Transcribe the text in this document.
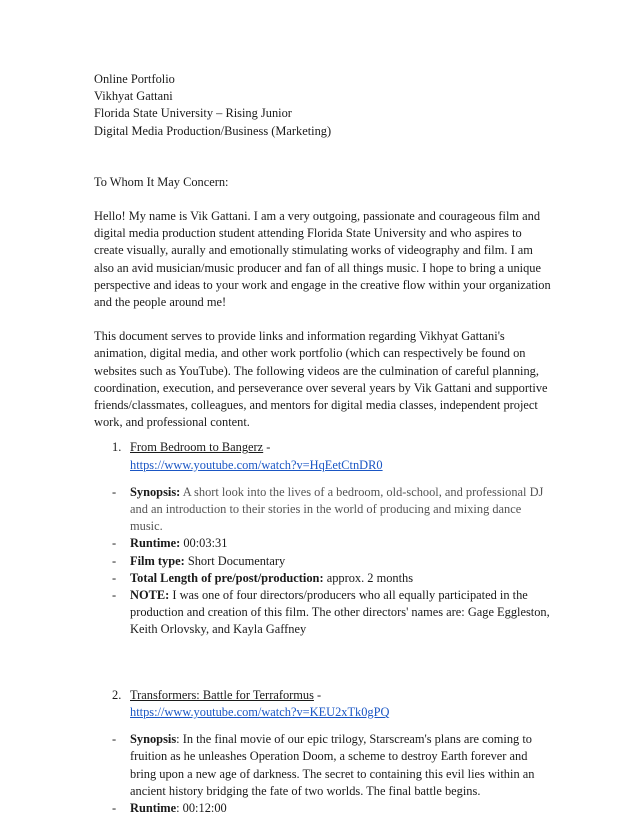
Online Portfolio

Vikhyat Gattani

Florida State University – Rising Junior

Digital Media Production/Business (Marketing)

To Whom It May Concern:

Hello! My name is Vik Gattani. I am a very outgoing, passionate and courageous film and digital media production student attending Florida State University and who aspires to create visually, aurally and emotionally stimulating works of videography and film. I am also an avid musician/music producer and fan of all things music. I hope to bring a unique perspective and ideas to your work and engage in the creative flow within your organization and the people around me!

This document serves to provide links and information regarding Vikhyat Gattani's animation, digital media, and other work portfolio (which can respectively be found on websites such as YouTube). The following videos are the culmination of careful planning, coordination, execution, and perseverance over several years by Vik Gattani and supportive friends/classmates, colleagues, and mentors for digital media classes, independent project work, and professional content.

1. From Bedroom to Bangerz -
https://www.youtube.com/watch?v=HqEetCtnDR0
-	Synopsis: A short look into the lives of a bedroom, old-school, and professional DJ and an introduction to their stories in the world of producing and mixing dance music.
-	Runtime: 00:03:31
-	Film type: Short Documentary
-	Total Length of pre/post/production: approx. 2 months
-	NOTE: I was one of four directors/producers who all equally participated in the production and creation of this film. The other directors' names are: Gage Eggleston, Keith Orlovsky, and Kayla Gaffney
2. Transformers: Battle for Terraformus -
https://www.youtube.com/watch?v=KEU2xTk0gPQ
-	Synopsis: In the final movie of our epic trilogy, Starscream's plans are coming to fruition as he unleashes Operation Doom, a scheme to destroy Earth forever and bring upon a new age of darkness. The secret to containing this evil lies within an ancient history bridging the fate of two worlds. The final battle begins.
-	Runtime: 00:12:00
